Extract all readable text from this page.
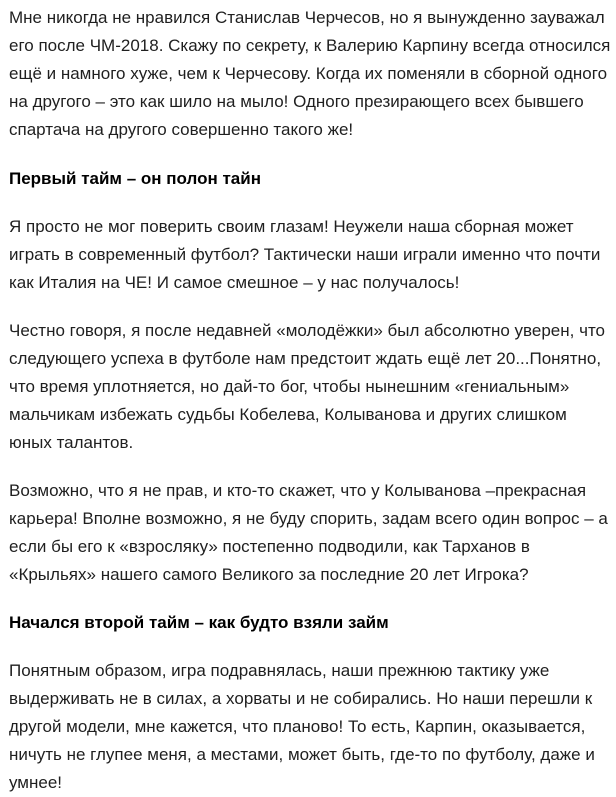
Мне никогда не нравился Станислав Черчесов, но я вынужденно зауважал его после ЧМ-2018. Скажу по секрету, к Валерию Карпину всегда относился ещё и намного хуже, чем к Черчесову. Когда их поменяли в сборной одного на другого – это как шило на мыло! Одного презирающего всех бывшего спартача на другого совершенно такого же!

Первый тайм – он полон тайн

Я просто не мог поверить своим глазам! Неужели наша сборная может играть в современный футбол? Тактически наши играли именно что почти как Италия на ЧЕ! И самое смешное – у нас получалось!

Честно говоря, я после недавней «молодёжки» был абсолютно уверен, что следующего успеха в футболе нам предстоит ждать ещё лет 20...Понятно, что время уплотняется, но дай-то бог, чтобы нынешним «гениальным» мальчикам избежать судьбы Кобелева, Колыванова и других слишком юных талантов.

Возможно, что я не прав, и кто-то скажет, что у Колыванова –прекрасная карьера! Вполне возможно, я не буду спорить, задам всего один вопрос – а если бы его к «взросляку» постепенно подводили, как Тарханов в «Крыльях» нашего самого Великого за последние 20 лет Игрока?

Начался второй тайм – как будто взяли займ

Понятным образом, игра подравнялась, наши прежнюю тактику уже выдерживать не в силах, а хорваты и не собирались. Но наши перешли к другой модели, мне кажется, что планово! То есть, Карпин, оказывается, ничуть не глупее меня, а местами, может быть, где-то по футболу, даже и умнее!
